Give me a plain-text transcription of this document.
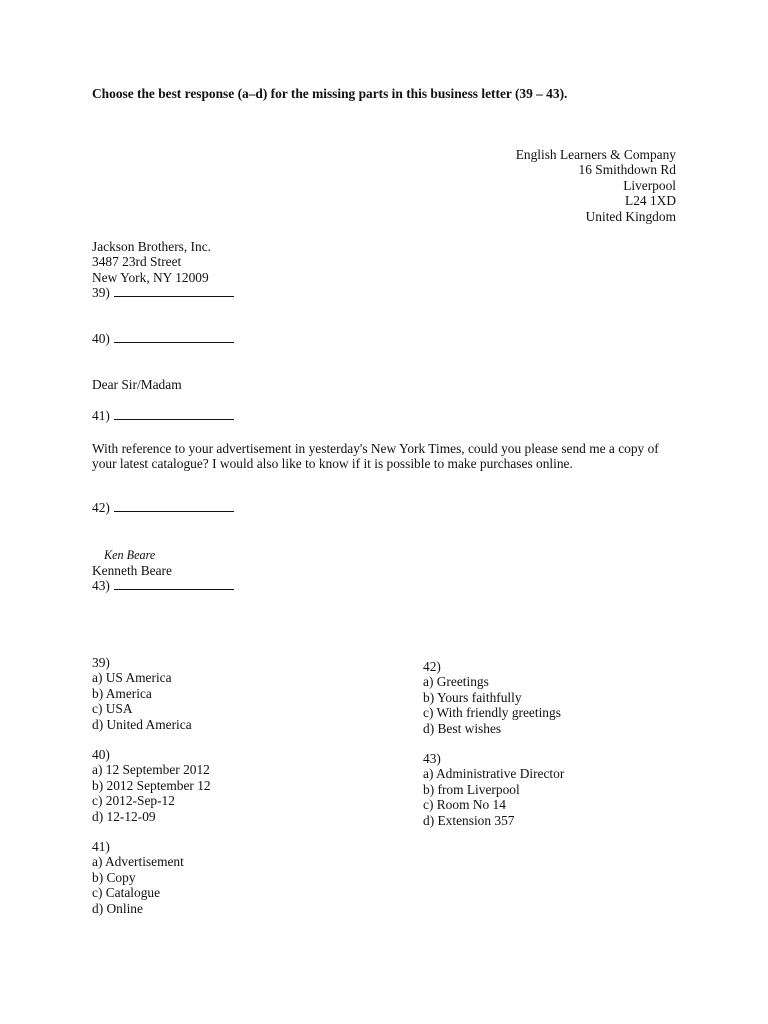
Choose the best response (a–d) for the missing parts in this business letter (39 – 43).
English Learners & Company
16 Smithdown Rd
Liverpool
L24 1XD
United Kingdom
Jackson Brothers, Inc.
3487 23rd Street
New York, NY 12009
39)
40)
Dear Sir/Madam
41)
With reference to your advertisement in yesterday's New York Times, could you please send me a copy of your latest catalogue? I would also like to know if it is possible to make purchases online.
42)
Ken Beare
Kenneth Beare
43)
39)
a) US America
b) America
c) USA
d) United America
40)
a) 12 September 2012
b) 2012 September 12
c) 2012-Sep-12
d) 12-12-09
41)
a) Advertisement
b) Copy
c) Catalogue
d) Online
42)
a) Greetings
b) Yours faithfully
c) With friendly greetings
d) Best wishes
43)
a) Administrative Director
b) from Liverpool
c) Room No 14
d) Extension 357
